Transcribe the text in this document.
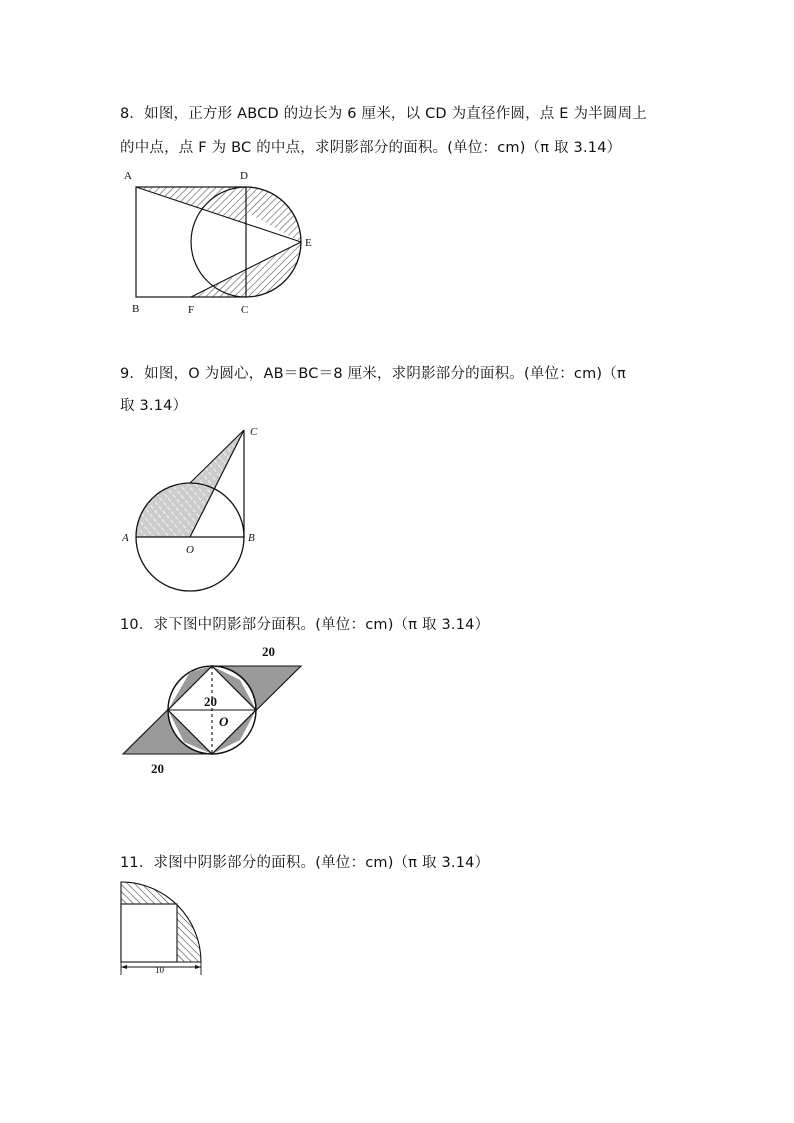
8．如图，正方形 ABCD 的边长为 6 厘米，以 CD 为直径作圆，点 E 为半圆周上
的中点，点 F 为 BC 的中点，求阴影部分的面积。(单位：cm)（π 取 3.14）
9．如图，O 为圆心，AB＝BC＝8 厘米，求阴影部分的面积。(单位：cm)（π
取 3.14）
10．求下图中阴影部分面积。(单位：cm)（π 取 3.14）
11．求图中阴影部分的面积。(单位：cm)（π 取 3.14）
A	D
E
B	F	C
C
A
O
B
20
20
O
20
10
